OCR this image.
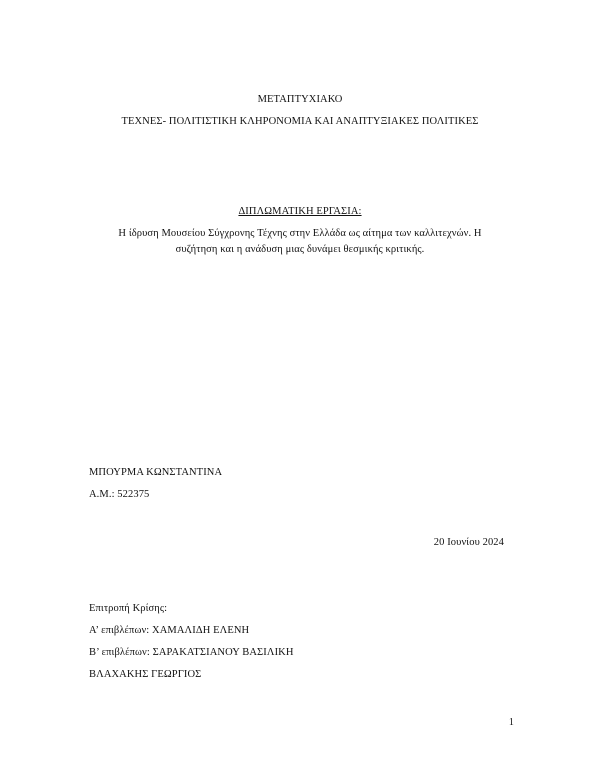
ΜΕΤΑΠΤΥΧΙΑΚΟ
ΤΕΧΝΕΣ- ΠΟΛΙΤΙΣΤΙΚΗ ΚΛΗΡΟΝΟΜΙΑ ΚΑΙ ΑΝΑΠΤΥΞΙΑΚΕΣ ΠΟΛΙΤΙΚΕΣ
ΔΙΠΛΩΜΑΤΙΚΗ ΕΡΓΑΣΙΑ:
Η ίδρυση Μουσείου Σύγχρονης Τέχνης στην Ελλάδα ως αίτημα των καλλιτεχνών. Η
συζήτηση και η ανάδυση μιας δυνάμει θεσμικής κριτικής.
ΜΠΟΥΡΜΑ ΚΩΝΣΤΑΝΤΙΝΑ
Α.Μ.: 522375
20 Ιουνίου 2024
Επιτροπή Κρίσης:
Α’ επιβλέπων: ΧΑΜΑΛΙΔΗ ΕΛΕΝΗ
Β’ επιβλέπων: ΣΑΡΑΚΑΤΣΙΑΝΟΥ ΒΑΣΙΛΙΚΗ
ΒΛΑΧΑΚΗΣ ΓΕΩΡΓΙΟΣ
1
